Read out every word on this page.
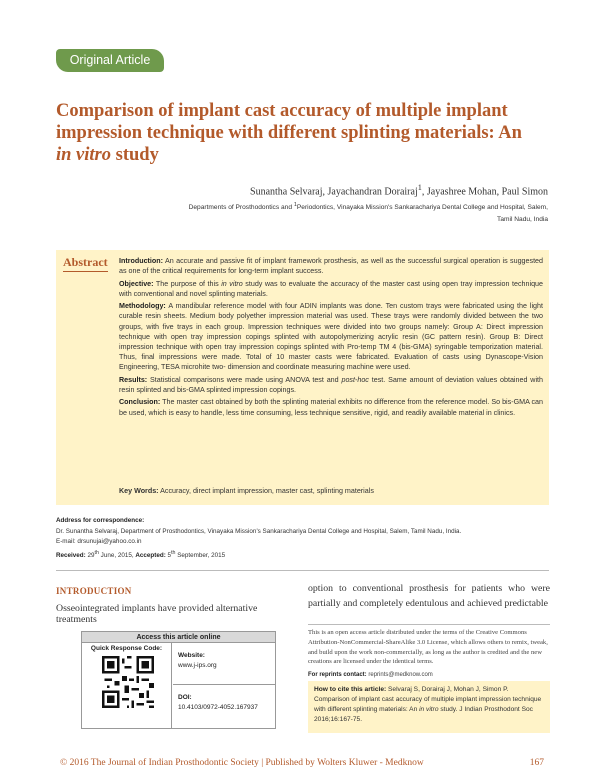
Original Article
Comparison of implant cast accuracy of multiple implant
impression technique with different splinting materials: An
in vitro study
Sunantha Selvaraj, Jayachandran Dorairaj$^1$, Jayashree Mohan, Paul Simon
Departments of Prosthodontics and $^1$Periodontics, Vinayaka Mission's Sankarachariya Dental College and Hospital, Salem,
Tamil Nadu, India
Abstract Introduction: An accurate and passive fit of implant framework prosthesis, as well as the successful surgical operation is suggested as one of the critical requirements for long-term implant success.

Objective: The purpose of this in vitro study was to evaluate the accuracy of the master cast using open tray impression technique with conventional and novel splinting materials.

Methodology: A mandibular reference model with four ADIN implants was done. Ten custom trays were fabricated using the light curable resin sheets. Medium body polyether impression material was used. These trays were randomly divided between the two groups, with five trays in each group. Impression techniques were divided into two groups namely: Group A: Direct impression technique with open tray impression copings splinted with autopolymerizing acrylic resin (GC pattern resin). Group B: Direct impression technique with open tray impression copings splinted with Pro-temp TM 4 (bis-GMA) syringable temporization material. Thus, final impressions were made. Total of 10 master casts were fabricated. Evaluation of casts using Dynascope-Vision Engineering, TESA microhite two- dimension and coordinate measuring machine were used.

Results: Statistical comparisons were made using ANOVA test and post-hoc test. Same amount of deviation values obtained with resin splinted and bis-GMA splinted impression copings.

Conclusion: The master cast obtained by both the splinting material exhibits no difference from the reference model. So bis-GMA can be used, which is easy to handle, less time consuming, less technique sensitive, rigid, and readily available material in clinics.

Key Words: Accuracy, direct implant impression, master cast, splinting materials
Address for correspondence:
Dr. Sunantha Selvaraj, Department of Prosthodontics, Vinayaka Mission's Sankarachariya Dental College and Hospital, Salem, Tamil Nadu, India.
E-mail: drsunujai@yahoo.co.in
Received: 29th June, 2015, Accepted: 5th September, 2015
INTRODUCTION
Osseointegrated implants have provided alternative treatments
option to conventional prosthesis for patients who were partially and completely edentulous and achieved predictable
Access this article online
Quick Response Code:
Website:
www.j-ips.org
DOI:
10.4103/0972-4052.167937
This is an open access article distributed under the terms of the Creative Commons Attribution-NonCommercial-ShareAlike 3.0 License, which allows others to remix, tweak, and build upon the work non-commercially, as long as the author is credited and the new creations are licensed under the identical terms.
For reprints contact: reprints@medknow.com
How to cite this article: Selvaraj S, Dorairaj J, Mohan J, Simon P. Comparison of implant cast accuracy of multiple implant impression technique with different splinting materials: An in vitro study. J Indian Prosthodont Soc 2016;16:167-75.
© 2016 The Journal of Indian Prosthodontic Society | Published by Wolters Kluwer - Medknow	167
